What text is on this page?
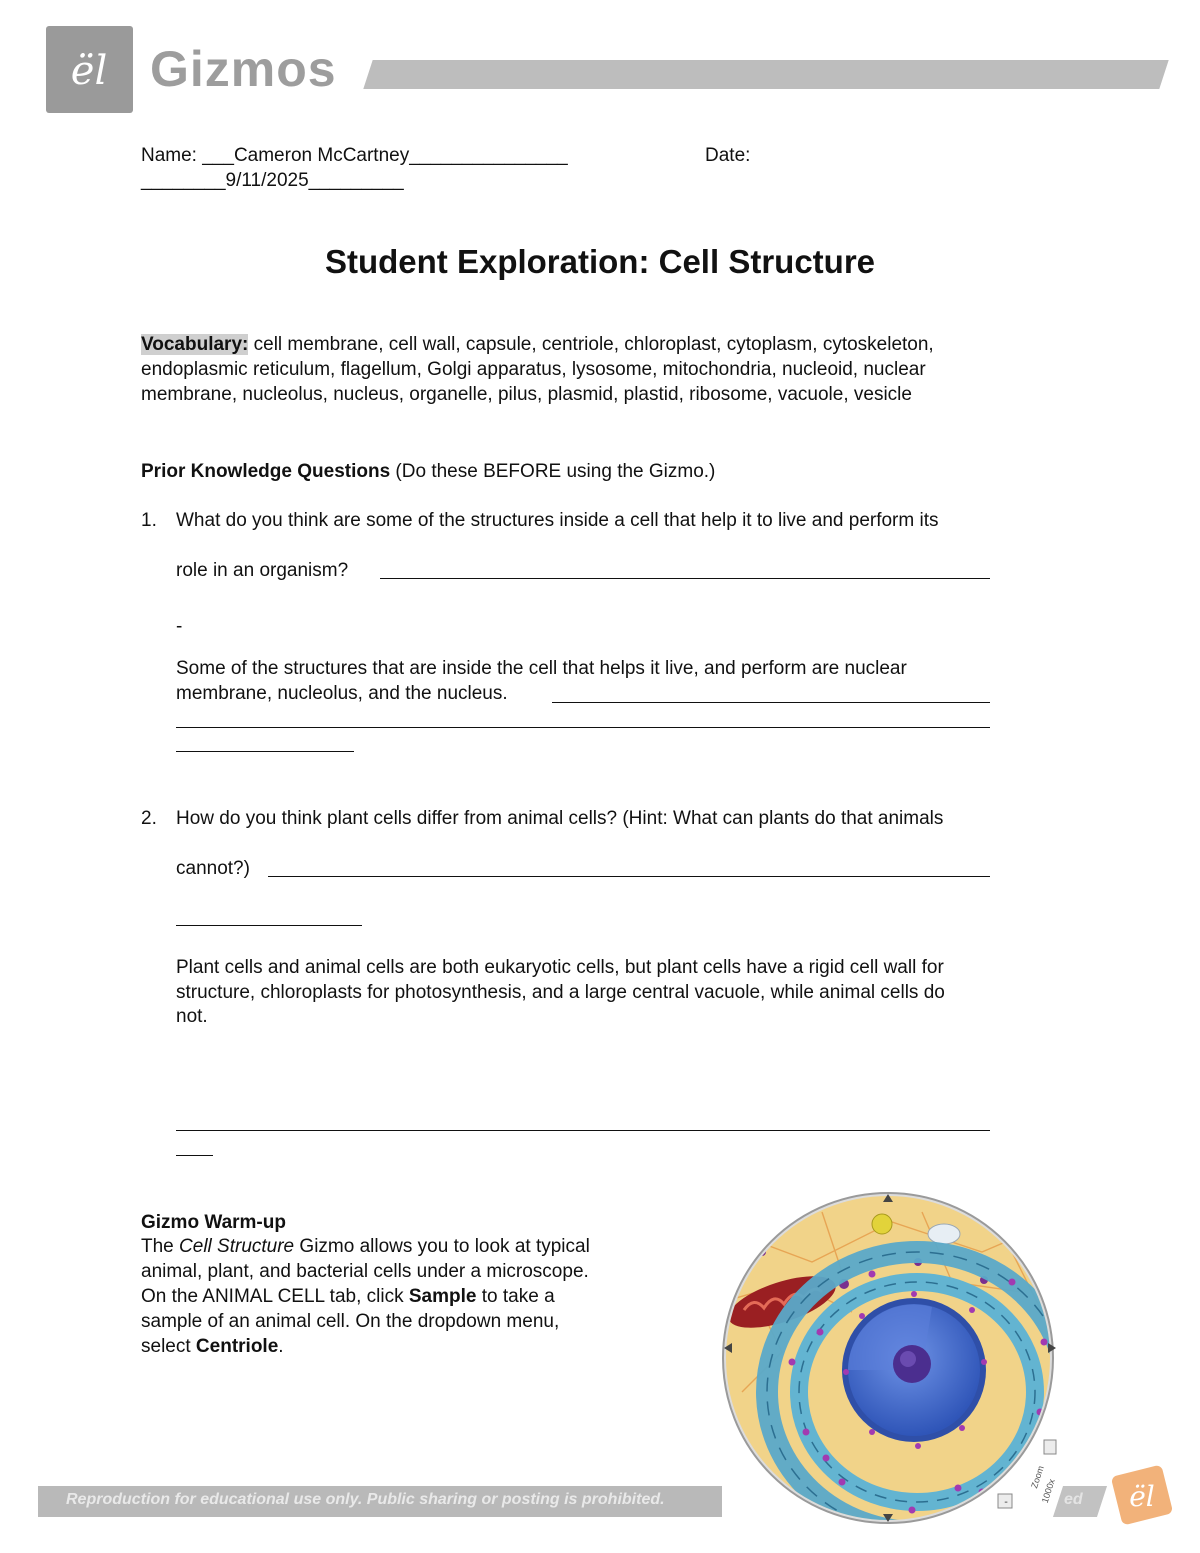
ël Gizmos
Name: ___Cameron McCartney_______________	Date:
________9/11/2025_________
Student Exploration: Cell Structure
Vocabulary: cell membrane, cell wall, capsule, centriole, chloroplast, cytoplasm, cytoskeleton,
endoplasmic reticulum, flagellum, Golgi apparatus, lysosome, mitochondria, nucleoid, nuclear
membrane, nucleolus, nucleus, organelle, pilus, plasmid, plastid, ribosome, vacuole, vesicle
Prior Knowledge Questions (Do these BEFORE using the Gizmo.)
1. What do you think are some of the structures inside a cell that help it to live and perform its
role in an organism?
-
Some of the structures that are inside the cell that helps it live, and perform are nuclear
membrane, nucleolus, and the nucleus.
2. How do you think plant cells differ from animal cells? (Hint: What can plants do that animals
cannot?)
Plant cells and animal cells are both eukaryotic cells, but plant cells have a rigid cell wall for
structure, chloroplasts for photosynthesis, and a large central vacuole, while animal cells do
not.
Gizmo Warm-up
The Cell Structure Gizmo allows you to look at typical
animal, plant, and bacterial cells under a microscope.
On the ANIMAL CELL tab, click Sample to take a
sample of an animal cell. On the dropdown menu,
select Centriole.
Reproduction for educational use only. Public sharing or posting is prohibited.	ed ël
-
Zoom
1000x
